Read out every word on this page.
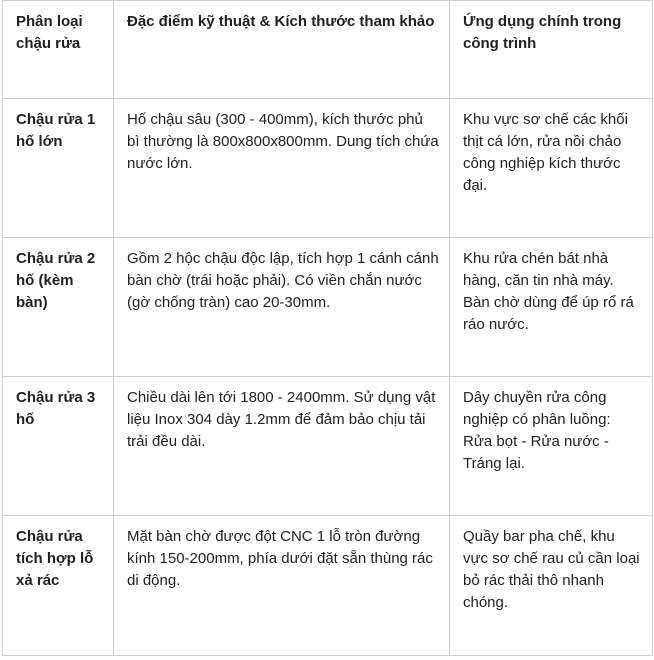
Phân loại chậu rửa	Đặc điểm kỹ thuật & Kích thước tham khảo	Ứng dụng chính trong công trình
Chậu rửa 1 hố lớn	Hố chậu sâu (300 - 400mm), kích thước phủ bì thường là 800x800x800mm. Dung tích chứa nước lớn.	Khu vực sơ chế các khối thịt cá lớn, rửa nồi chảo công nghiệp kích thước đại.
Chậu rửa 2 hố (kèm bàn)	Gồm 2 hộc chậu độc lập, tích hợp 1 cánh cánh bàn chờ (trái hoặc phải). Có viền chắn nước (gờ chống tràn) cao 20-30mm.	Khu rửa chén bát nhà hàng, căn tin nhà máy. Bàn chờ dùng để úp rổ rá ráo nước.
Chậu rửa 3 hố	Chiều dài lên tới 1800 - 2400mm. Sử dụng vật liệu Inox 304 dày 1.2mm để đảm bảo chịu tải trải đều dài.	Dây chuyền rửa công nghiệp có phân luồng: Rửa bọt - Rửa nước - Tráng lại.
Chậu rửa tích hợp lỗ xả rác	Mặt bàn chờ được đột CNC 1 lỗ tròn đường kính 150-200mm, phía dưới đặt sẵn thùng rác di động.	Quầy bar pha chế, khu vực sơ chế rau củ cần loại bỏ rác thải thô nhanh chóng.
